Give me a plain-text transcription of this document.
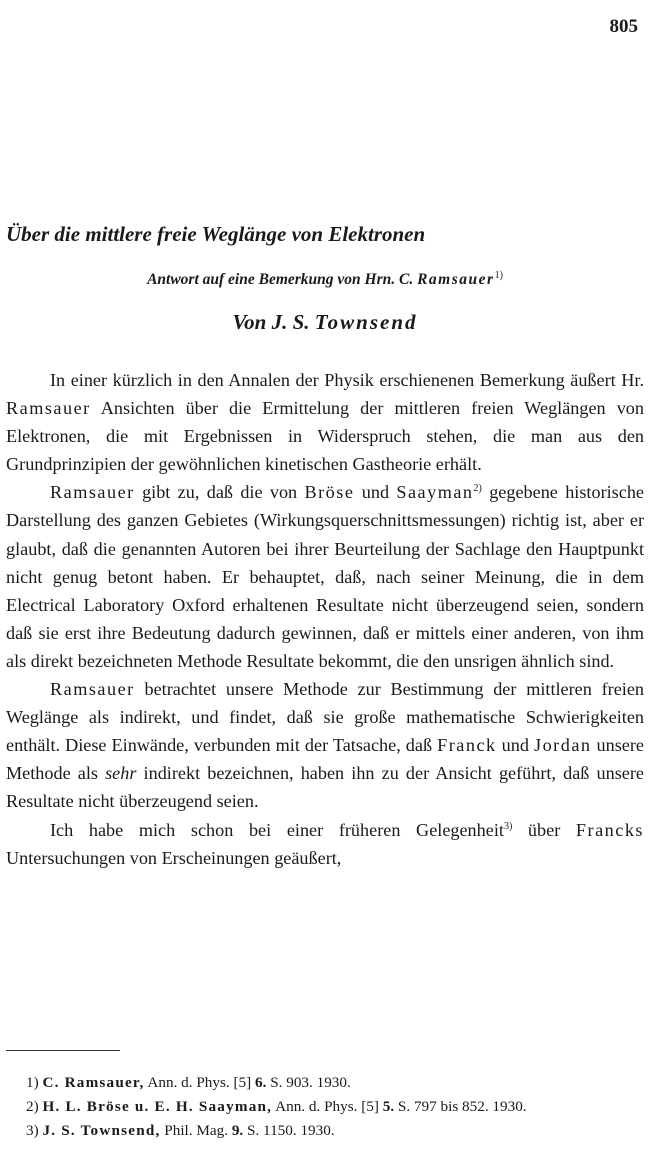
805
Über die mittlere freie Weglänge von Elektronen
Antwort auf eine Bemerkung von Hrn. C. Ramsauer$^{1)}$
Von J. S. Townsend

In einer kürzlich in den Annalen der Physik erschienenen Bemerkung äußert Hr. Ramsauer Ansichten über die Ermittelung der mittleren freien Weglängen von Elektronen, die mit Ergebnissen in Widerspruch stehen, die man aus den Grundprinzipien der gewöhnlichen kinetischen Gastheorie erhält.

Ramsauer gibt zu, daß die von Bröse und Saayman$^{2)}$ gegebene historische Darstellung des ganzen Gebietes (Wirkungsquerschnittsmessungen) richtig ist, aber er glaubt, daß die genannten Autoren bei ihrer Beurteilung der Sachlage den Hauptpunkt nicht genug betont haben. Er behauptet, daß, nach seiner Meinung, die in dem Electrical Laboratory Oxford erhaltenen Resultate nicht überzeugend seien, sondern daß sie erst ihre Bedeutung dadurch gewinnen, daß er mittels einer anderen, von ihm als direkt bezeichneten Methode Resultate bekommt, die den unsrigen ähnlich sind.

Ramsauer betrachtet unsere Methode zur Bestimmung der mittleren freien Weglänge als indirekt, und findet, daß sie große mathematische Schwierigkeiten enthält. Diese Einwände, verbunden mit der Tatsache, daß Franck und Jordan unsere Methode als sehr indirekt bezeichnen, haben ihn zu der Ansicht geführt, daß unsere Resultate nicht überzeugend seien.

Ich habe mich schon bei einer früheren Gelegenheit$^{3)}$ über Francks Untersuchungen von Erscheinungen geäußert,

1) C. Ramsauer, Ann. d. Phys. [5] 6. S. 903. 1930.

2) H. L. Bröse u. E. H. Saayman, Ann. d. Phys. [5] 5. S. 797 bis 852. 1930.

3) J. S. Townsend, Phil. Mag. 9. S. 1150. 1930.
